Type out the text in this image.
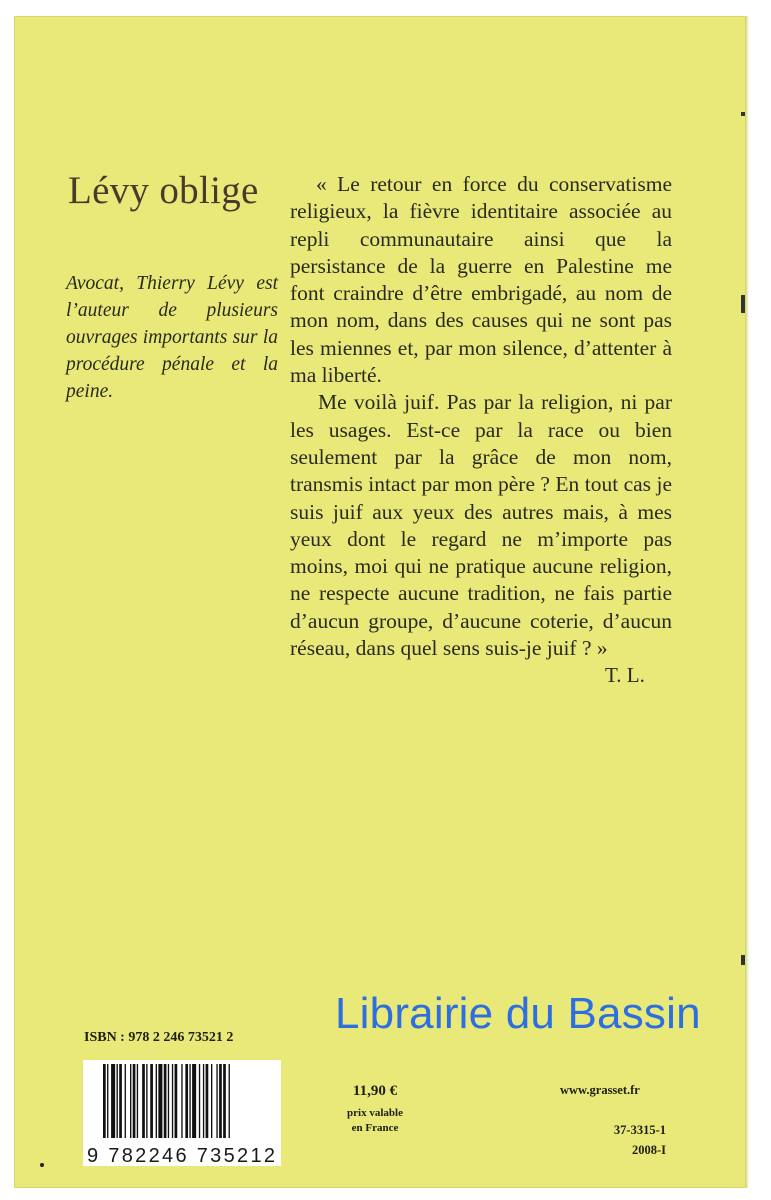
Lévy oblige
Avocat, Thierry Lévy est l’auteur de plusieurs ouvrages importants sur la procédure pénale et la peine.

« Le retour en force du conservatisme religieux, la fièvre identitaire associée au repli communautaire ainsi que la persistance de la guerre en Palestine me font craindre d’être embrigadé, au nom de mon nom, dans des causes qui ne sont pas les miennes et, par mon silence, d’attenter à ma liberté.

Me voilà juif. Pas par la religion, ni par les usages. Est-ce par la race ou bien seulement par la grâce de mon nom, transmis intact par mon père ? En tout cas je suis juif aux yeux des autres mais, à mes yeux dont le regard ne m’importe pas moins, moi qui ne pratique aucune religion, ne respecte aucune tradition, ne fais partie d’aucun groupe, d’aucune coterie, d’aucun réseau, dans quel sens suis-je juif ? »

T. L.
ISBN : 978 2 246 73521 2
9 782246 735212
Librairie du Bassin
11,90 €
prix valable
en France
www.grasset.fr
37-3315-1
2008-I
